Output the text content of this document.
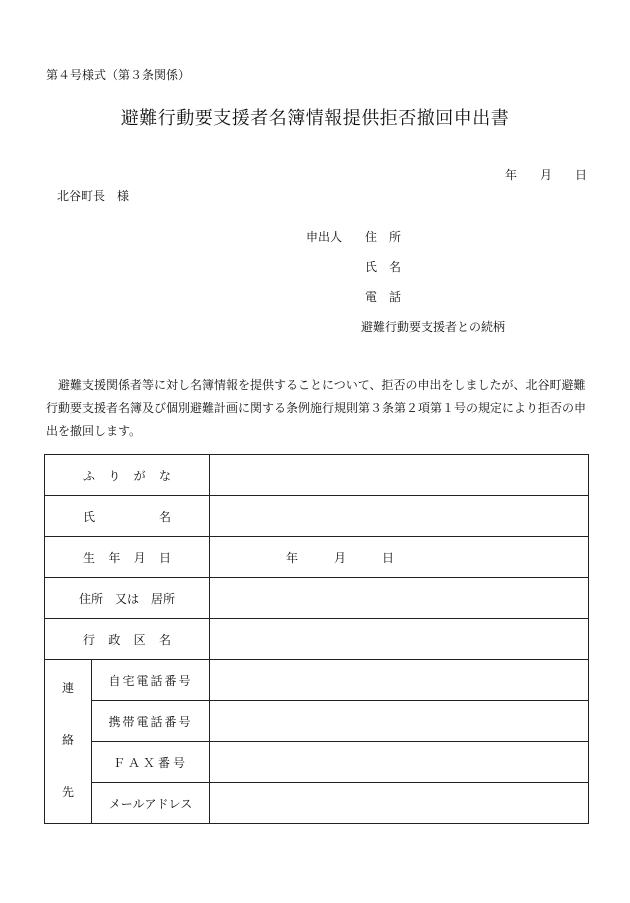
第４号様式（第３条関係）
避難行動要支援者名簿情報提供拒否撤回申出書
年 月 日
北谷町長　様
申出人 住　所
氏　名
電　話
避難行動要支援者との続柄
避難支援関係者等に対し名簿情報を提供することについて、拒否の申出をしましたが、北谷町避難行動要支援者名簿及び個別避難計画に関する条例施行規則第３条第２項第１号の規定により拒否の申出を撤回します。
ふ り が な		

氏 名		

生 年 月 日		年 月 日

住所　又は　居所		

行 政 区 名		

連
絡
先	自宅電話番号	
	携帯電話番号	
	ＦＡＸ番号	
	メールアドレス	
